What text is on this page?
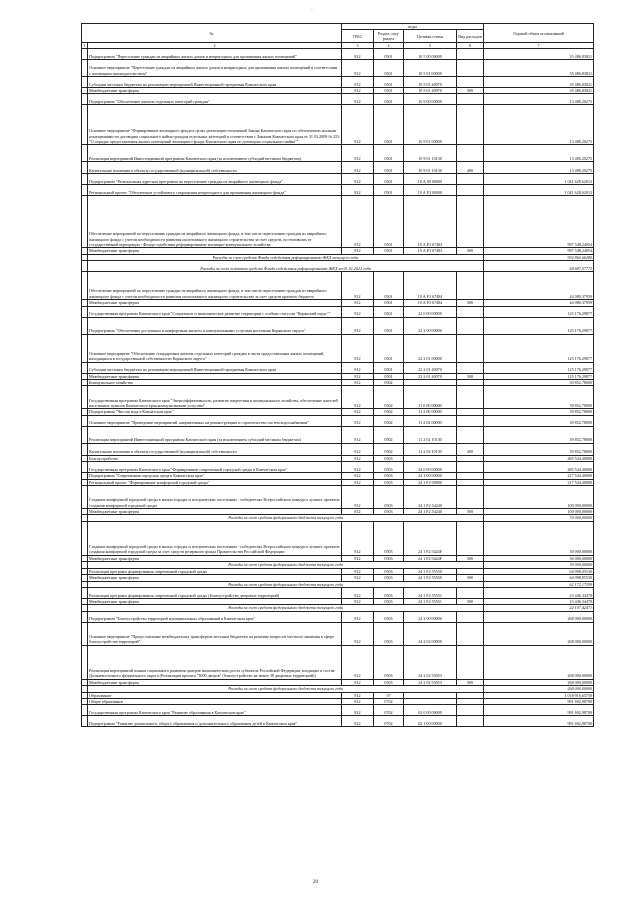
-
№		коды				Годовой объем ассигнований
		ГРБС	Раздел, под-раздел	Целевая статья	Вид расходов	
1	2	3	4	5	6	7
	Подпрограмма "Переселение граждан из аварийных жилых домов и непригодных для проживания жилых помещений"	812	0501	10 5 00 00000		35 486,83821
	Основное мероприятие "Переселение граждан из аварийных жилых домов и непригодных для проживания жилых помещений в соответствии с жилищным законодательством"	812	0501	10 5 01 00000		35 486,83821
	Субсидии местным бюджетам на реализацию мероприятий Инвестиционной программы Камчатского края	812	0501	10 5 01 40070		35 486,83821
	Межбюджетные трансферты	812	0501	10 5 01 40070	500	35 486,83821
	Подпрограмма "Обеспечение жильем отдельных категорий граждан"	812	0501	10 9 00 00000		13 480,20275
	Основное мероприятие "Формирование жилищного фонда в целях реализации положений Закона Камчатского края по обеспечению жилыми помещениями по договорам социального найма граждан отдельных категорий в соответствии с Законом Камчатского края от 31.03.2009 № 253 "О порядке предоставления жилых помещений жилищного фонда Камчатского края по договорам социального найма""	812	0501	10 9 01 00000		13 480,20275
	Реализация мероприятий Инвестиционной программы Камчатского края (за исключением субсидий местным бюджетам)	812	0501	10 9 01 10130		13 480,20275
	Капитальные вложения в объекты государственной (муниципальной) собственности	812	0501	10 9 01 10130	400	13 480,20275
	Подпрограмма "Региональная адресная программа по переселению граждан из аварийного жилищного фонда"	812	0501	10 А 00 00000		1 041 628,62013
	Региональный проект "Обеспечение устойчивого сокращения непригодного для проживания жилищного фонда"	812	0501	10 А F3 00000		1 041 628,62013
	Обеспечение мероприятий по переселению граждан из аварийного жилищного фонда, в том числе переселению граждан из аварийного жилищного фонда с учетом необходимости развития малоэтажного жилищного строительства за счет средств, поступивших от государственной корпорации - Фонда содействия реформированию жилищно-коммунального хозяйства	812	0501	10 А F3 67483		997 548,24054
	Межбюджетные трансферты	812	0501	10 А F3 67483	500	997 548,24054
	Расходы за счет средств Фонда содействия реформированию ЖКХ текущего года					932 860,66280
	Расходы за счет остатков средств Фонда содействия реформированию ЖКХ на 01.01.2022 года					64 687,57773
	Обеспечение мероприятий по переселению граждан из аварийного жилищного фонда, в том числе переселению граждан из аварийного жилищного фонда с учетом необходимости развития малоэтажного жилищного строительства за счет средств краевого бюджета	812	0501	10 А F3 67484		44 080,37959
	Межбюджетные трансферты	812	0501	10 А F3 67484	500	44 080,37959
	Государственная программа Камчатского края "Социальное и экономическое развитие территории с особым статусом "Корякский округ""	812	0501	22 0 00 00000		125 176,29877
	Подпрограмма "Обеспечение доступным и комфортным жильем и коммунальными услугами населения Корякского округа"	812	0501	22 2 00 00000		125 176,29877
	Основное мероприятие "Обеспечение стандартным жильем отдельных категорий граждан в части предоставления жилых помещений, находящихся в государственной собственности Корякского округа"	812	0501	22 2 01 00000		125 176,29877
	Субсидии местным бюджетам на реализацию мероприятий Инвестиционной программы Камчатского края	812	0501	22 2 01 40070		125 176,29877
	Межбюджетные трансферты	812	0501	22 2 01 40070	500	125 176,29877
	Коммунальное хозяйство	812	0502			39 852,78000
	Государственная программа Камчатского края "Энергоэффективность, развитие энергетики и коммунального хозяйства, обеспечение жителей населенных пунктов Камчатского края коммунальными услугами"	812	0502	11 0 00 00000		39 852,78000
	Подпрограмма "Чистая вода в Камчатском крае"	812	0502	11 2 00 00000		39 852,78000
	Основное мероприятие "Проведение мероприятий, направленных на реконструкцию и строительство систем водоснабжения"	812	0502	11 2 02 00000		39 852,78000
	Реализация мероприятий Инвестиционной программы Камчатского края (за исключением субсидий местным бюджетам)	812	0502	11 2 02 10130		39 852,78000
	Капитальные вложения в объекты государственной (муниципальной) собственности	812	0502	11 2 02 10130	400	39 852,78000
	Благоустройство	812	0503			485 544,40000
	Государственная программа Камчатского края "Формирование современной городской среды в Камчатском крае"	812	0503	24 0 00 00000		485 544,40000
	Подпрограмма "Современная городская среда в Камчатском крае"	812	0503	24 1 00 00000		217 544,40000
	Региональный проект "Формирование комфортной городской среды"	812	0503	24 1 F2 00000		217 544,40000
	Создание комфортной городской среды в малых городах и исторических поселениях - победителях Всероссийского конкурса лучших проектов создания комфортной городской среды	812	0503	24 1 F2 54240		100 000,00000
	Межбюджетные трансферты	812	0503	24 1 F2 54240	500	100 000,00000
	Расходы за счет средств федерального бюджета текущего года					70 000,00000
	Создание комфортной городской среды в малых городах и исторических поселениях - победителях Всероссийского конкурса лучших проектов создания комфортной городской среды за счет средств резервного фонда Правительства Российской Федерации	812	0503	24 1 F2 5424F		30 000,00000
	Межбюджетные трансферты	812	0503	24 1 F2 5424F	500	30 000,00000
	Расходы за счет средств федерального бюджета текущего года					30 000,00000
	Реализация программ формирования современной городской среды	812	0503	24 1 F2 55550		64 098,05530
	Межбюджетные трансферты	812	0503	24 1 F2 55550	500	64 098,05530
	Расходы за счет средств федерального бюджета текущего года					62 172,17559
	Реализация программ формирования современной городской среды (Благоустройство дворовых территорий)	812	0503	24 1 F2 55551		23 446,34470
	Межбюджетные трансферты	812	0503	24 1 F2 55551	500	23 446,34470
	Расходы за счет средств федерального бюджета текущего года					22 107,42471
	Подпрограмма "Благоустройство территорий муниципальных образований в Камчатском крае"	812	0503	24 2 00 00000		268 000,00000
	Основное мероприятие "Предоставление межбюджетных трансфертов местным бюджетам на решение вопросов местного значения в сфере благоустройства территорий"	812	0503	24 2 02 00000		268 000,00000
	Реализация мероприятий планов социального развития центров экономического роста субъектов Российской Федерации, входящих в состав Дальневосточного федерального округа (Реализация проекта "3000 дворов" (благоустройство не менее 38 дворовых территорий))	812	0503	24 2 02 55053		268 000,00000
	Межбюджетные трансферты	812	0503	24 2 02 55053	500	268 000,00000
	Расходы за счет средств федерального бюджета текущего года					268 000,00000
	Образование	812	07			1 018 916,65750
	Общее образование	812	0702			991 692,98700
	Государственная программа Камчатского края "Развитие образования в Камчатском крае"	812	0702	02 0 00 00000		991 692,98700
	Подпрограмма "Развитие дошкольного, общего образования и дополнительного образования детей в Камчатском крае"	812	0702	02 1 00 00000		991 692,98700
20
